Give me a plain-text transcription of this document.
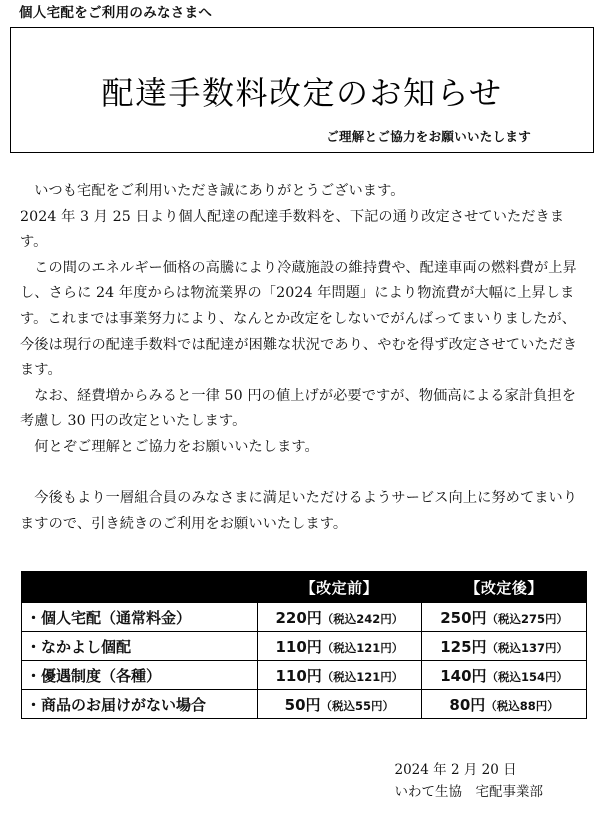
個人宅配をご利用のみなさまへ
配達手数料改定のお知らせ
ご理解とご協力をお願いいたします

いつも宅配をご利用いただき誠にありがとうございます。

2024 年 3 月 25 日より個人配達の配達手数料を、下記の通り改定させていただきます。

この間のエネルギー価格の高騰により冷蔵施設の維持費や、配達車両の燃料費が上昇し、さらに 24 年度からは物流業界の「2024 年問題」により物流費が大幅に上昇します。これまでは事業努力により、なんとか改定をしないでがんばってまいりましたが、今後は現行の配達手数料では配達が困難な状況であり、やむを得ず改定させていただきます。

なお、経費増からみると一律 50 円の値上げが必要ですが、物価高による家計負担を考慮し 30 円の改定といたします。

何とぞご理解とご協力をお願いいたします。

今後もより一層組合員のみなさまに満足いただけるようサービス向上に努めてまいりますので、引き続きのご利用をお願いいたします。

	【改定前】	【改定後】
・個人宅配（通常料金）	220円（税込242円）	250円（税込275円）
・なかよし個配	110円（税込121円）	125円（税込137円）
・優遇制度（各種）	110円（税込121円）	140円（税込154円）
・商品のお届けがない場合	50円（税込55円）	80円（税込88円）
2024 年 2 月 20 日
いわて生協　宅配事業部
